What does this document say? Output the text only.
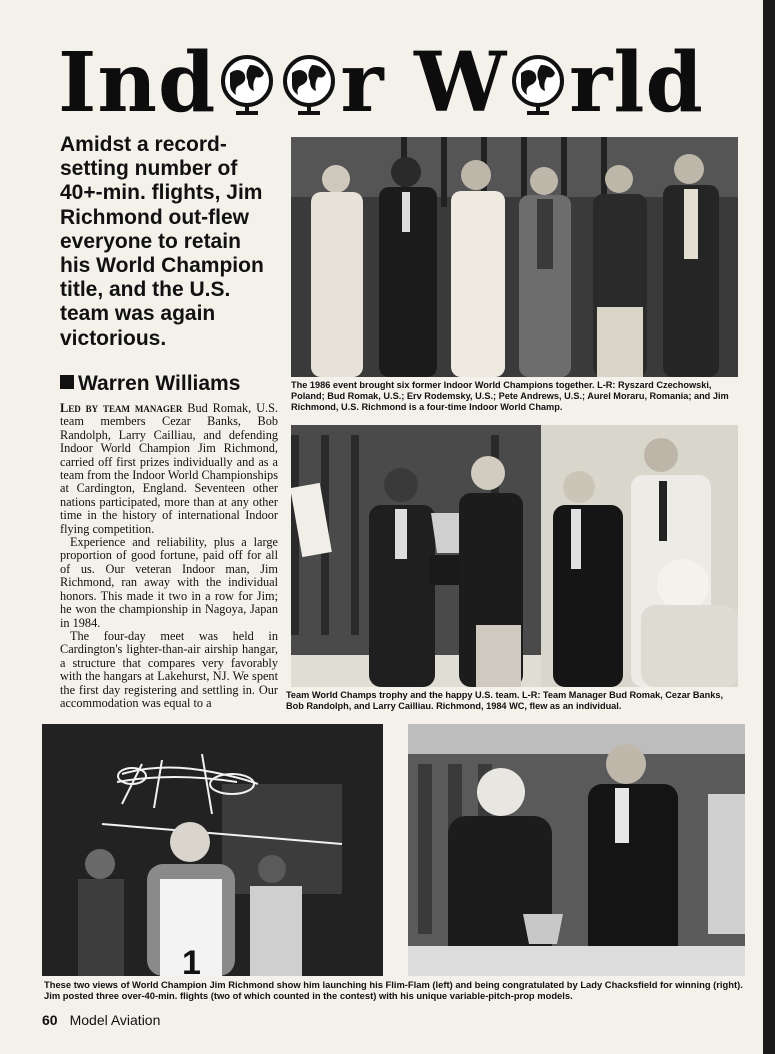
Ind r W rld
Amidst a record-setting number of 40+-min. flights, Jim Richmond out-flew everyone to retain his World Champion title, and the U.S. team was again victorious.
Warren Williams

Led by team manager Bud Romak, U.S. team members Cezar Banks, Bob Randolph, Larry Cailliau, and defending Indoor World Champion Jim Richmond, carried off first prizes individually and as a team from the Indoor World Championships at Cardington, England. Seventeen other nations participated, more than at any other time in the history of international Indoor flying competition.

Experience and reliability, plus a large proportion of good fortune, paid off for all of us. Our veteran Indoor man, Jim Richmond, ran away with the individual honors. This made it two in a row for Jim; he won the championship in Nagoya, Japan in 1984.

The four-day meet was held in Cardington's lighter-than-air airship hangar, a structure that compares very favorably with the hangars at Lakehurst, NJ. We spent the first day registering and settling in. Our accommodation was equal to a

The 1986 event brought six former Indoor World Champions together. L-R: Ryszard Czechowski, Poland; Bud Romak, U.S.; Erv Rodemsky, U.S.; Pete Andrews, U.S.; Aurel Moraru, Romania; and Jim Richmond, U.S. Richmond is a four-time Indoor World Champ.
Team World Champs trophy and the happy U.S. team. L-R: Team Manager Bud Romak, Cezar Banks, Bob Randolph, and Larry Cailliau. Richmond, 1984 WC, flew as an individual.
1
These two views of World Champion Jim Richmond show him launching his Flim-Flam (left) and being congratulated by Lady Chacksfield for winning (right). Jim posted three over-40-min. flights (two of which counted in the contest) with his unique variable-pitch-prop models.
60 Model Aviation
